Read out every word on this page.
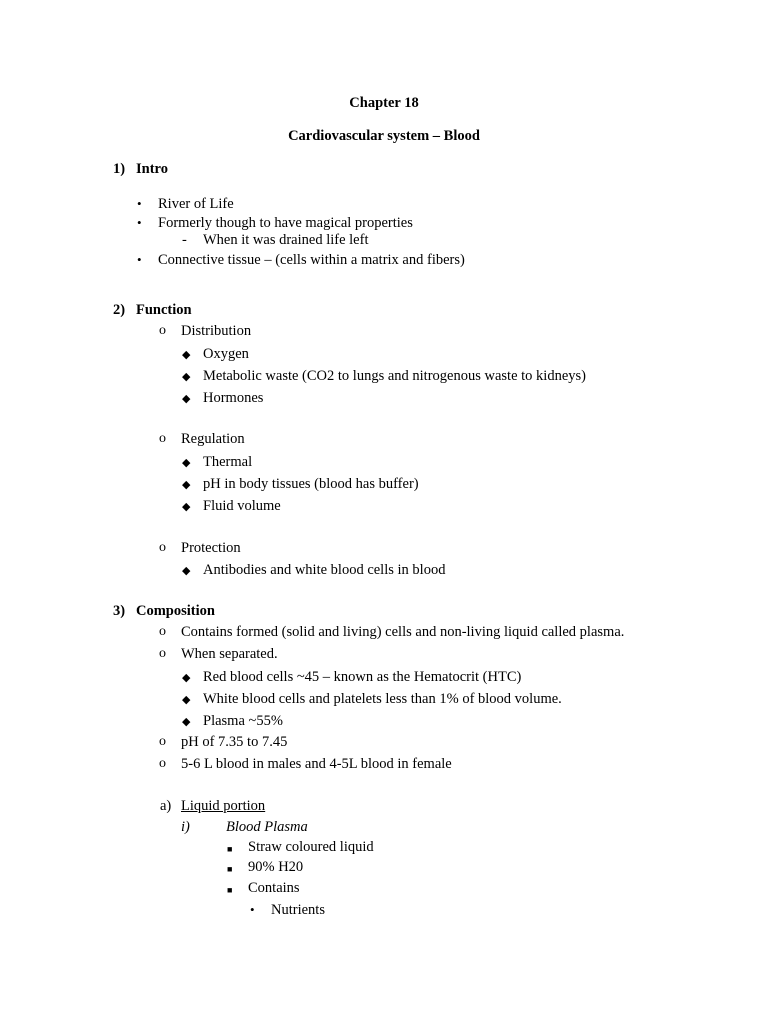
Chapter 18
Cardiovascular system – Blood
1) Intro
• River of Life
• Formerly though to have magical properties
- When it was drained life left
• Connective tissue – (cells within a matrix and fibers)
2) Function
o Distribution
◆ Oxygen
◆ Metabolic waste (CO2 to lungs and nitrogenous waste to kidneys)
◆ Hormones
o Regulation
◆ Thermal
◆ pH in body tissues (blood has buffer)
◆ Fluid volume
o Protection
◆ Antibodies and white blood cells in blood
3) Composition
o Contains formed (solid and living) cells and non-living liquid called plasma.
o When separated.
◆ Red blood cells ~45 – known as the Hematocrit (HTC)
◆ White blood cells and platelets less than 1% of blood volume.
◆ Plasma ~55%
o pH of 7.35 to 7.45
o 5-6 L blood in males and 4-5L blood in female
a) Liquid portion
i) Blood Plasma
■ Straw coloured liquid
■ 90% H20
■ Contains
• Nutrients
